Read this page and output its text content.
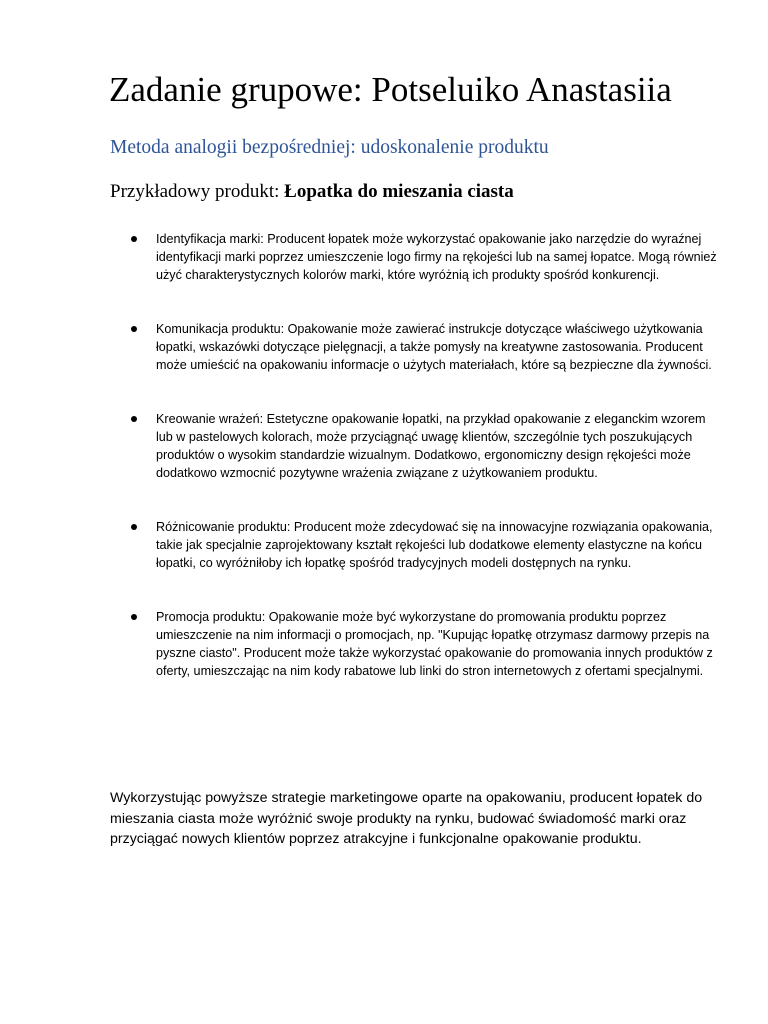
Zadanie grupowe: Potseluiko Anastasiia
Metoda analogii bezpośredniej: udoskonalenie produktu

Przykładowy produkt: Łopatka do mieszania ciasta

Identyfikacja marki: Producent łopatek może wykorzystać opakowanie jako narzędzie do wyraźnej identyfikacji marki poprzez umieszczenie logo firmy na rękojeści lub na samej łopatce. Mogą również użyć charakterystycznych kolorów marki, które wyróżnią ich produkty spośród konkurencji.
Komunikacja produktu: Opakowanie może zawierać instrukcje dotyczące właściwego użytkowania łopatki, wskazówki dotyczące pielęgnacji, a także pomysły na kreatywne zastosowania. Producent może umieścić na opakowaniu informacje o użytych materiałach, które są bezpieczne dla żywności.
Kreowanie wrażeń: Estetyczne opakowanie łopatki, na przykład opakowanie z eleganckim wzorem lub w pastelowych kolorach, może przyciągnąć uwagę klientów, szczególnie tych poszukujących produktów o wysokim standardzie wizualnym. Dodatkowo, ergonomiczny design rękojeści może dodatkowo wzmocnić pozytywne wrażenia związane z użytkowaniem produktu.
Różnicowanie produktu: Producent może zdecydować się na innowacyjne rozwiązania opakowania, takie jak specjalnie zaprojektowany kształt rękojeści lub dodatkowe elementy elastyczne na końcu łopatki, co wyróżniłoby ich łopatkę spośród tradycyjnych modeli dostępnych na rynku.
Promocja produktu: Opakowanie może być wykorzystane do promowania produktu poprzez umieszczenie na nim informacji o promocjach, np. "Kupując łopatkę otrzymasz darmowy przepis na pyszne ciasto". Producent może także wykorzystać opakowanie do promowania innych produktów z oferty, umieszczając na nim kody rabatowe lub linki do stron internetowych z ofertami specjalnymi.

Wykorzystując powyższe strategie marketingowe oparte na opakowaniu, producent łopatek do mieszania ciasta może wyróżnić swoje produkty na rynku, budować świadomość marki oraz przyciągać nowych klientów poprzez atrakcyjne i funkcjonalne opakowanie produktu.
